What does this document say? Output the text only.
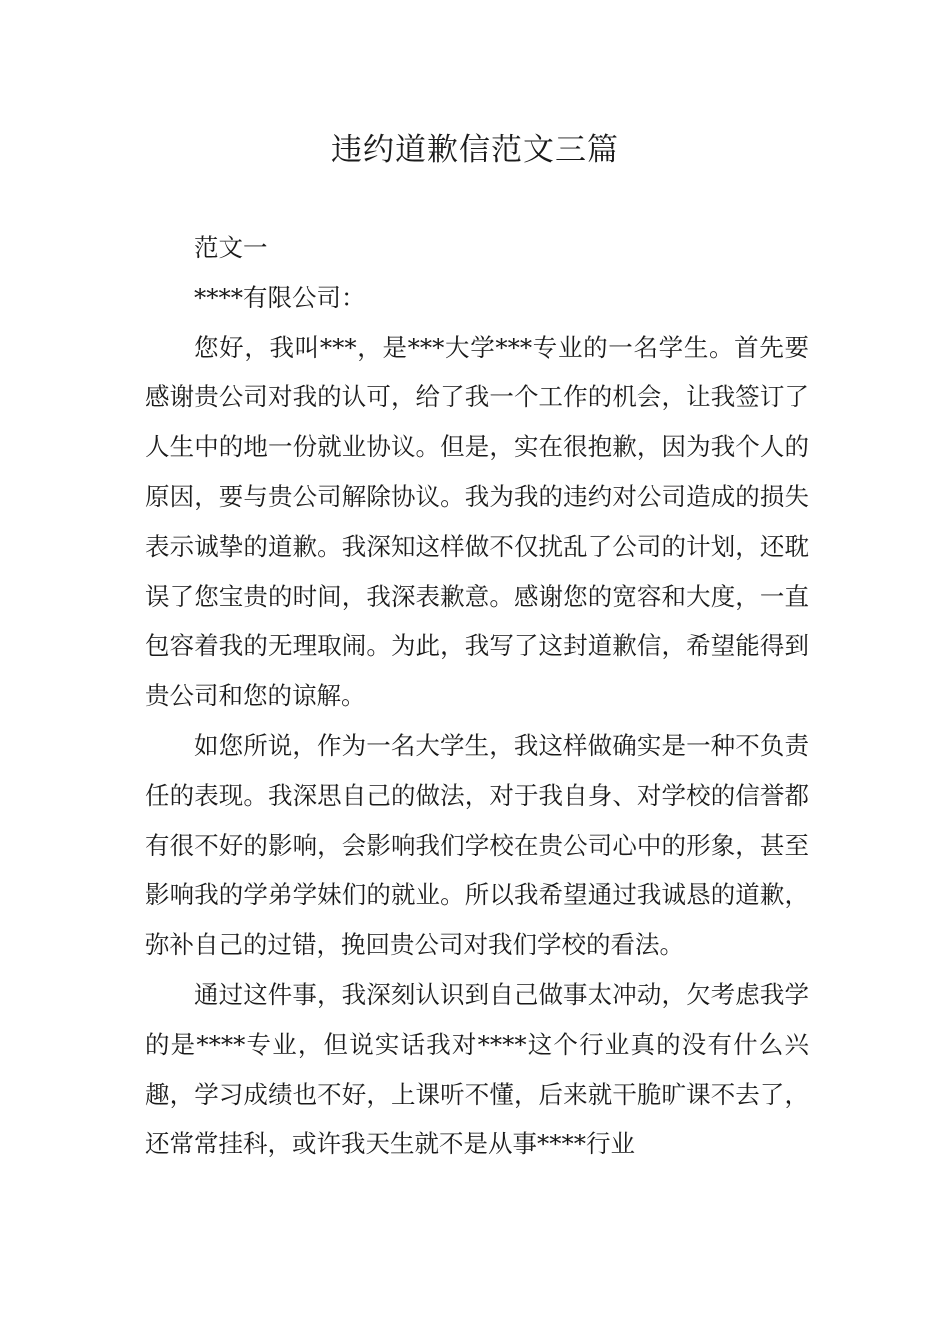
违约道歉信范文三篇

范文一

****有限公司：

您好，我叫***，是***大学***专业的一名学生。首先要感谢贵公司对我的认可，给了我一个工作的机会，让我签订了人生中的地一份就业协议。但是，实在很抱歉，因为我个人的原因，要与贵公司解除协议。我为我的违约对公司造成的损失表示诚挚的道歉。我深知这样做不仅扰乱了公司的计划，还耽误了您宝贵的时间，我深表歉意。感谢您的宽容和大度，一直包容着我的无理取闹。为此，我写了这封道歉信，希望能得到贵公司和您的谅解。

如您所说，作为一名大学生，我这样做确实是一种不负责任的表现。我深思自己的做法，对于我自身、对学校的信誉都有很不好的影响，会影响我们学校在贵公司心中的形象，甚至影响我的学弟学妹们的就业。所以我希望通过我诚恳的道歉，弥补自己的过错，挽回贵公司对我们学校的看法。

通过这件事，我深刻认识到自己做事太冲动，欠考虑我学的是****专业，但说实话我对****这个行业真的没有什么兴趣，学习成绩也不好，上课听不懂，后来就干脆旷课不去了，还常常挂科，或许我天生就不是从事****行业
